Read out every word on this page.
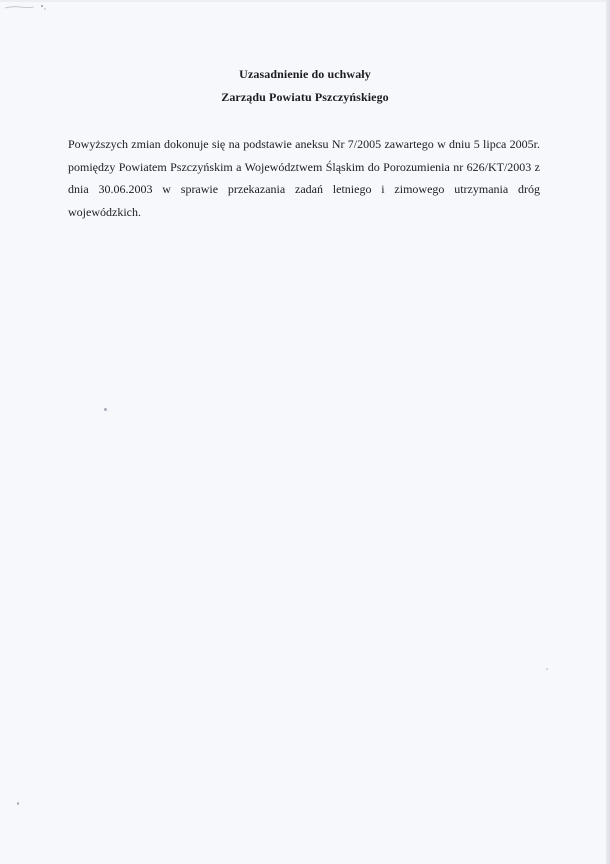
Uzasadnienie do uchwały
Zarządu Powiatu Pszczyńskiego

Powyższych zmian dokonuje się na podstawie aneksu Nr 7/2005 zawartego w dniu 5 lipca 2005r. pomiędzy Powiatem Pszczyńskim a Województwem Śląskim do Porozumienia nr 626/KT/2003 z dnia 30.06.2003 w sprawie przekazania zadań letniego i zimowego utrzymania dróg wojewódzkich.
